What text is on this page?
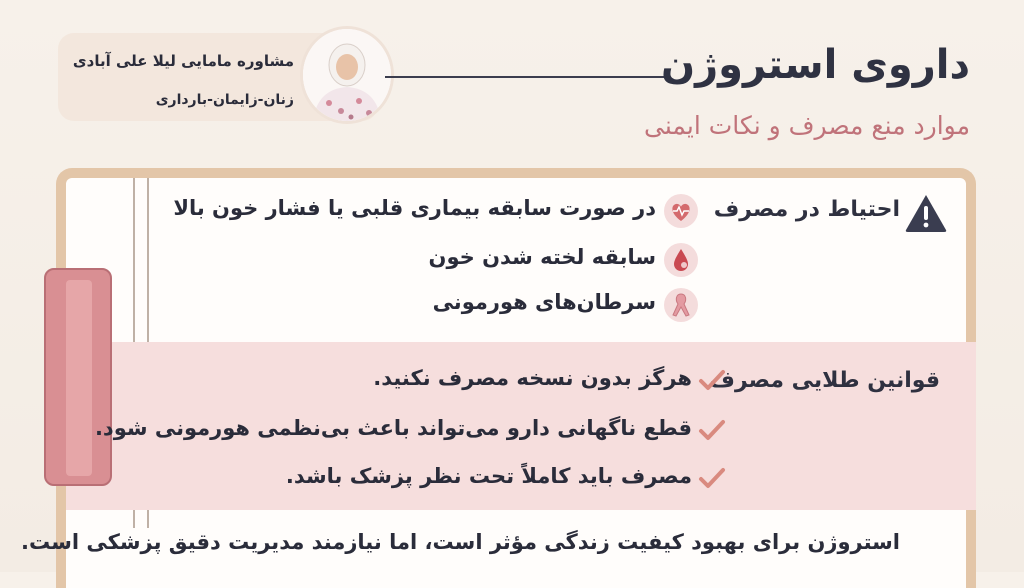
مشاوره مامایی لیلا علی آبادی
زنان-زایمان-بارداری
داروی استروژن
موارد منع مصرف و نکات ایمنی
احتیاط در مصرف
در صورت سابقه بیماری قلبی یا فشار خون بالا
سابقه لخته شدن خون
سرطان‌های هورمونی
قوانین طلایی مصرف
هرگز بدون نسخه مصرف نکنید.
قطع ناگهانی دارو می‌تواند باعث بی‌نظمی هورمونی شود.
مصرف باید کاملاً تحت نظر پزشک باشد.
استروژن برای بهبود کیفیت زندگی مؤثر است، اما نیازمند مدیریت دقیق پزشکی است.
